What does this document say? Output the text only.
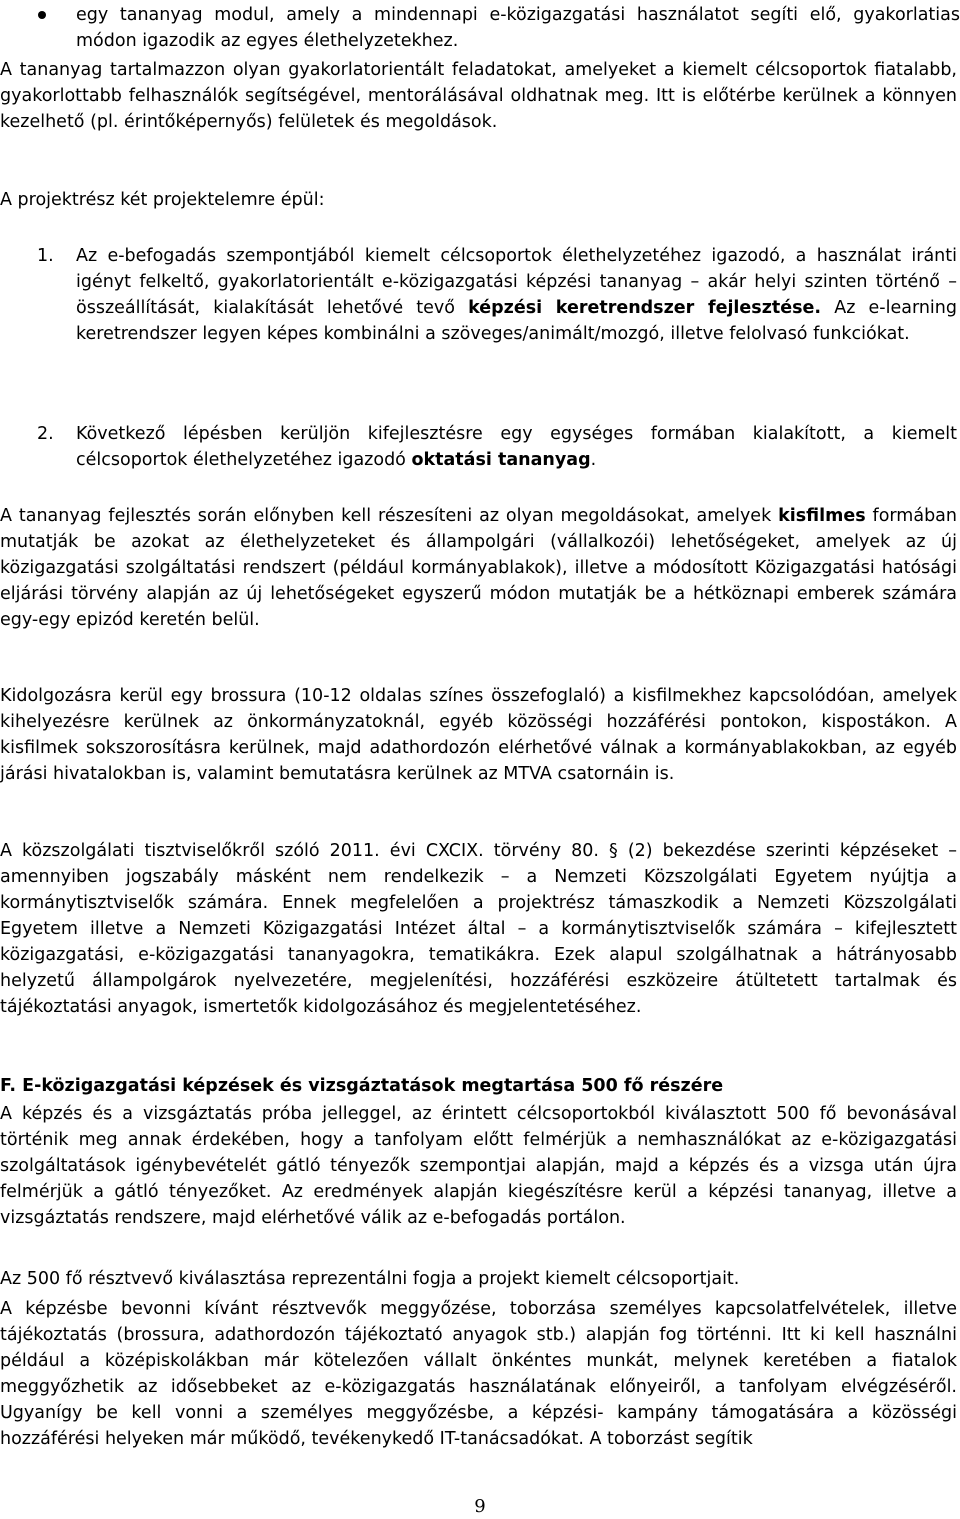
egy tananyag modul, amely a mindennapi e-közigazgatási használatot segíti elő, gyakorlatias módon igazodik az egyes élethelyzetekhez.

A tananyag tartalmazzon olyan gyakorlatorientált feladatokat, amelyeket a kiemelt célcsoportok fiatalabb, gyakorlottabb felhasználók segítségével, mentorálásával oldhatnak meg. Itt is előtérbe kerülnek a könnyen kezelhető (pl. érintőképernyős) felületek és megoldások.

A projektrész két projektelemre épül:

1. Az e-befogadás szempontjából kiemelt célcsoportok élethelyzetéhez igazodó, a használat iránti igényt felkeltő, gyakorlatorientált e-közigazgatási képzési tananyag – akár helyi szinten történő – összeállítását, kialakítását lehetővé tevő képzési keretrendszer fejlesztése. Az e-learning keretrendszer legyen képes kombinálni a szöveges/animált/mozgó, illetve felolvasó funkciókat.

2. Következő lépésben kerüljön kifejlesztésre egy egységes formában kialakított, a kiemelt célcsoportok élethelyzetéhez igazodó oktatási tananyag.

A tananyag fejlesztés során előnyben kell részesíteni az olyan megoldásokat, amelyek kisfilmes formában mutatják be azokat az élethelyzeteket és állampolgári (vállalkozói) lehetőségeket, amelyek az új közigazgatási szolgáltatási rendszert (például kormányablakok), illetve a módosított Közigazgatási hatósági eljárási törvény alapján az új lehetőségeket egyszerű módon mutatják be a hétköznapi emberek számára egy-egy epizód keretén belül.

Kidolgozásra kerül egy brossura (10-12 oldalas színes összefoglaló) a kisfilmekhez kapcsolódóan, amelyek kihelyezésre kerülnek az önkormányzatoknál, egyéb közösségi hozzáférési pontokon, kispostákon. A kisfilmek sokszorosításra kerülnek, majd adathordozón elérhetővé válnak a kormányablakokban, az egyéb járási hivatalokban is, valamint bemutatásra kerülnek az MTVA csatornáin is.

A közszolgálati tisztviselőkről szóló 2011. évi CXCIX. törvény 80. § (2) bekezdése szerinti képzéseket – amennyiben jogszabály másként nem rendelkezik – a Nemzeti Közszolgálati Egyetem nyújtja a kormánytisztviselők számára. Ennek megfelelően a projektrész támaszkodik a Nemzeti Közszolgálati Egyetem illetve a Nemzeti Közigazgatási Intézet által – a kormánytisztviselők számára – kifejlesztett közigazgatási, e-közigazgatási tananyagokra, tematikákra. Ezek alapul szolgálhatnak a hátrányosabb helyzetű állampolgárok nyelvezetére, megjelenítési, hozzáférési eszközeire átültetett tartalmak és tájékoztatási anyagok, ismertetők kidolgozásához és megjelentetéséhez.

F. E-közigazgatási képzések és vizsgáztatások megtartása 500 fő részére

A képzés és a vizsgáztatás próba jelleggel, az érintett célcsoportokból kiválasztott 500 fő bevonásával történik meg annak érdekében, hogy a tanfolyam előtt felmérjük a nemhasználókat az e-közigazgatási szolgáltatások igénybevételét gátló tényezők szempontjai alapján, majd a képzés és a vizsga után újra felmérjük a gátló tényezőket. Az eredmények alapján kiegészítésre kerül a képzési tananyag, illetve a vizsgáztatás rendszere, majd elérhetővé válik az e-befogadás portálon.

Az 500 fő résztvevő kiválasztása reprezentálni fogja a projekt kiemelt célcsoportjait.

A képzésbe bevonni kívánt résztvevők meggyőzése, toborzása személyes kapcsolatfelvételek, illetve tájékoztatás (brossura, adathordozón tájékoztató anyagok stb.) alapján fog történni. Itt ki kell használni például a középiskolákban már kötelezően vállalt önkéntes munkát, melynek keretében a fiatalok meggyőzhetik az idősebbeket az e-közigazgatás használatának előnyeiről, a tanfolyam elvégzéséről. Ugyanígy be kell vonni a személyes meggyőzésbe, a képzési- kampány támogatására a közösségi hozzáférési helyeken már működő, tevékenykedő IT-tanácsadókat. A toborzást segítik

9
